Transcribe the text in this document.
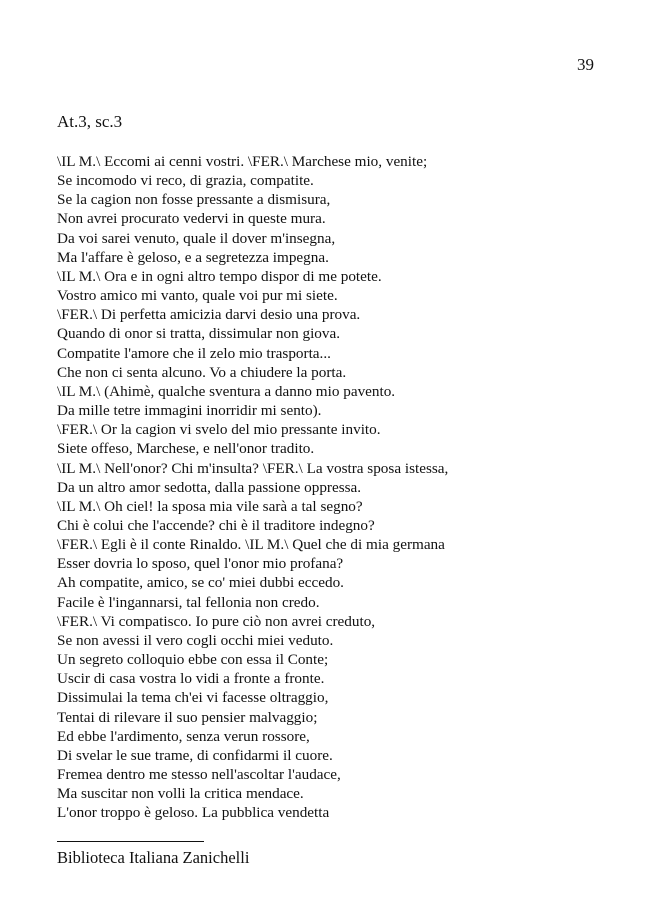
39

At.3, sc.3
\IL M.\ Eccomi ai cenni vostri. \FER.\ Marchese mio, venite;
Se incomodo vi reco, di grazia, compatite.
Se la cagion non fosse pressante a dismisura,
Non avrei procurato vedervi in queste mura.
Da voi sarei venuto, quale il dover m'insegna,
Ma l'affare è geloso, e a segretezza impegna.
\IL M.\ Ora e in ogni altro tempo dispor di me potete.
Vostro amico mi vanto, quale voi pur mi siete.
\FER.\ Di perfetta amicizia darvi desio una prova.
Quando di onor si tratta, dissimular non giova.
Compatite l'amore che il zelo mio trasporta...
Che non ci senta alcuno. Vo a chiudere la porta.
\IL M.\ (Ahimè, qualche sventura a danno mio pavento.
Da mille tetre immagini inorridir mi sento).
\FER.\ Or la cagion vi svelo del mio pressante invito.
Siete offeso, Marchese, e nell'onor tradito.
\IL M.\ Nell'onor? Chi m'insulta? \FER.\ La vostra sposa istessa,
Da un altro amor sedotta, dalla passione oppressa.
\IL M.\ Oh ciel! la sposa mia vile sarà a tal segno?
Chi è colui che l'accende? chi è il traditore indegno?
\FER.\ Egli è il conte Rinaldo. \IL M.\ Quel che di mia germana
Esser dovria lo sposo, quel l'onor mio profana?
Ah compatite, amico, se co' miei dubbi eccedo.
Facile è l'ingannarsi, tal fellonia non credo.
\FER.\ Vi compatisco. Io pure ciò non avrei creduto,
Se non avessi il vero cogli occhi miei veduto.
Un segreto colloquio ebbe con essa il Conte;
Uscir di casa vostra lo vidi a fronte a fronte.
Dissimulai la tema ch'ei vi facesse oltraggio,
Tentai di rilevare il suo pensier malvaggio;
Ed ebbe l'ardimento, senza verun rossore,
Di svelar le sue trame, di confidarmi il cuore.
Fremea dentro me stesso nell'ascoltar l'audace,
Ma suscitar non volli la critica mendace.
L'onor troppo è geloso. La pubblica vendetta

Biblioteca Italiana Zanichelli
